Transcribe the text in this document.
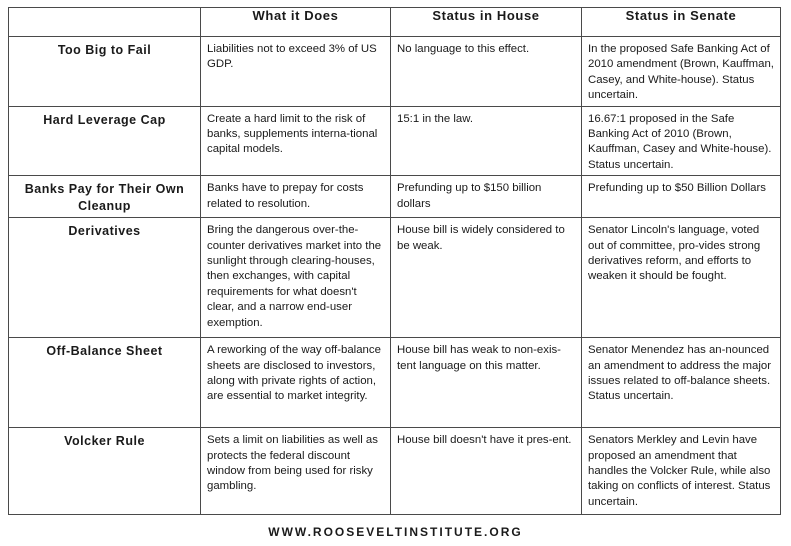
	What it Does	Status in House	Status in Senate
Too Big to Fail	Liabilities not to exceed 3% of US GDP.	No language to this effect.	In the proposed Safe Banking Act of 2010 amendment (Brown, Kauffman, Casey, and White-house). Status uncertain.
Hard Leverage Cap	Create a hard limit to the risk of banks, supplements interna-tional capital models.	15:1 in the law.	16.67:1 proposed in the Safe Banking Act of 2010 (Brown, Kauffman, Casey and White-house). Status uncertain.
Banks Pay for Their Own Cleanup	Banks have to prepay for costs related to resolution.	Prefunding up to $150 billion dollars	Prefunding up to $50 Billion Dollars
Derivatives	Bring the dangerous over-the-counter derivatives market into the sunlight through clearing-houses, then exchanges, with capital requirements for what doesn't clear, and a narrow end-user exemption.	House bill is widely considered to be weak.	Senator Lincoln's language, voted out of committee, pro-vides strong derivatives reform, and efforts to weaken it should be fought.
Off-Balance Sheet	A reworking of the way off-balance sheets are disclosed to investors, along with private rights of action, are essential to market integrity.	House bill has weak to non-exis-tent language on this matter.	Senator Menendez has an-nounced an amendment to address the major issues related to off-balance sheets. Status uncertain.
Volcker Rule	Sets a limit on liabilities as well as protects the federal discount window from being used for risky gambling.	House bill doesn't have it pres-ent.	Senators Merkley and Levin have proposed an amendment that handles the Volcker Rule, while also taking on conflicts of interest. Status uncertain.
WWW.ROOSEVELTINSTITUTE.ORG
